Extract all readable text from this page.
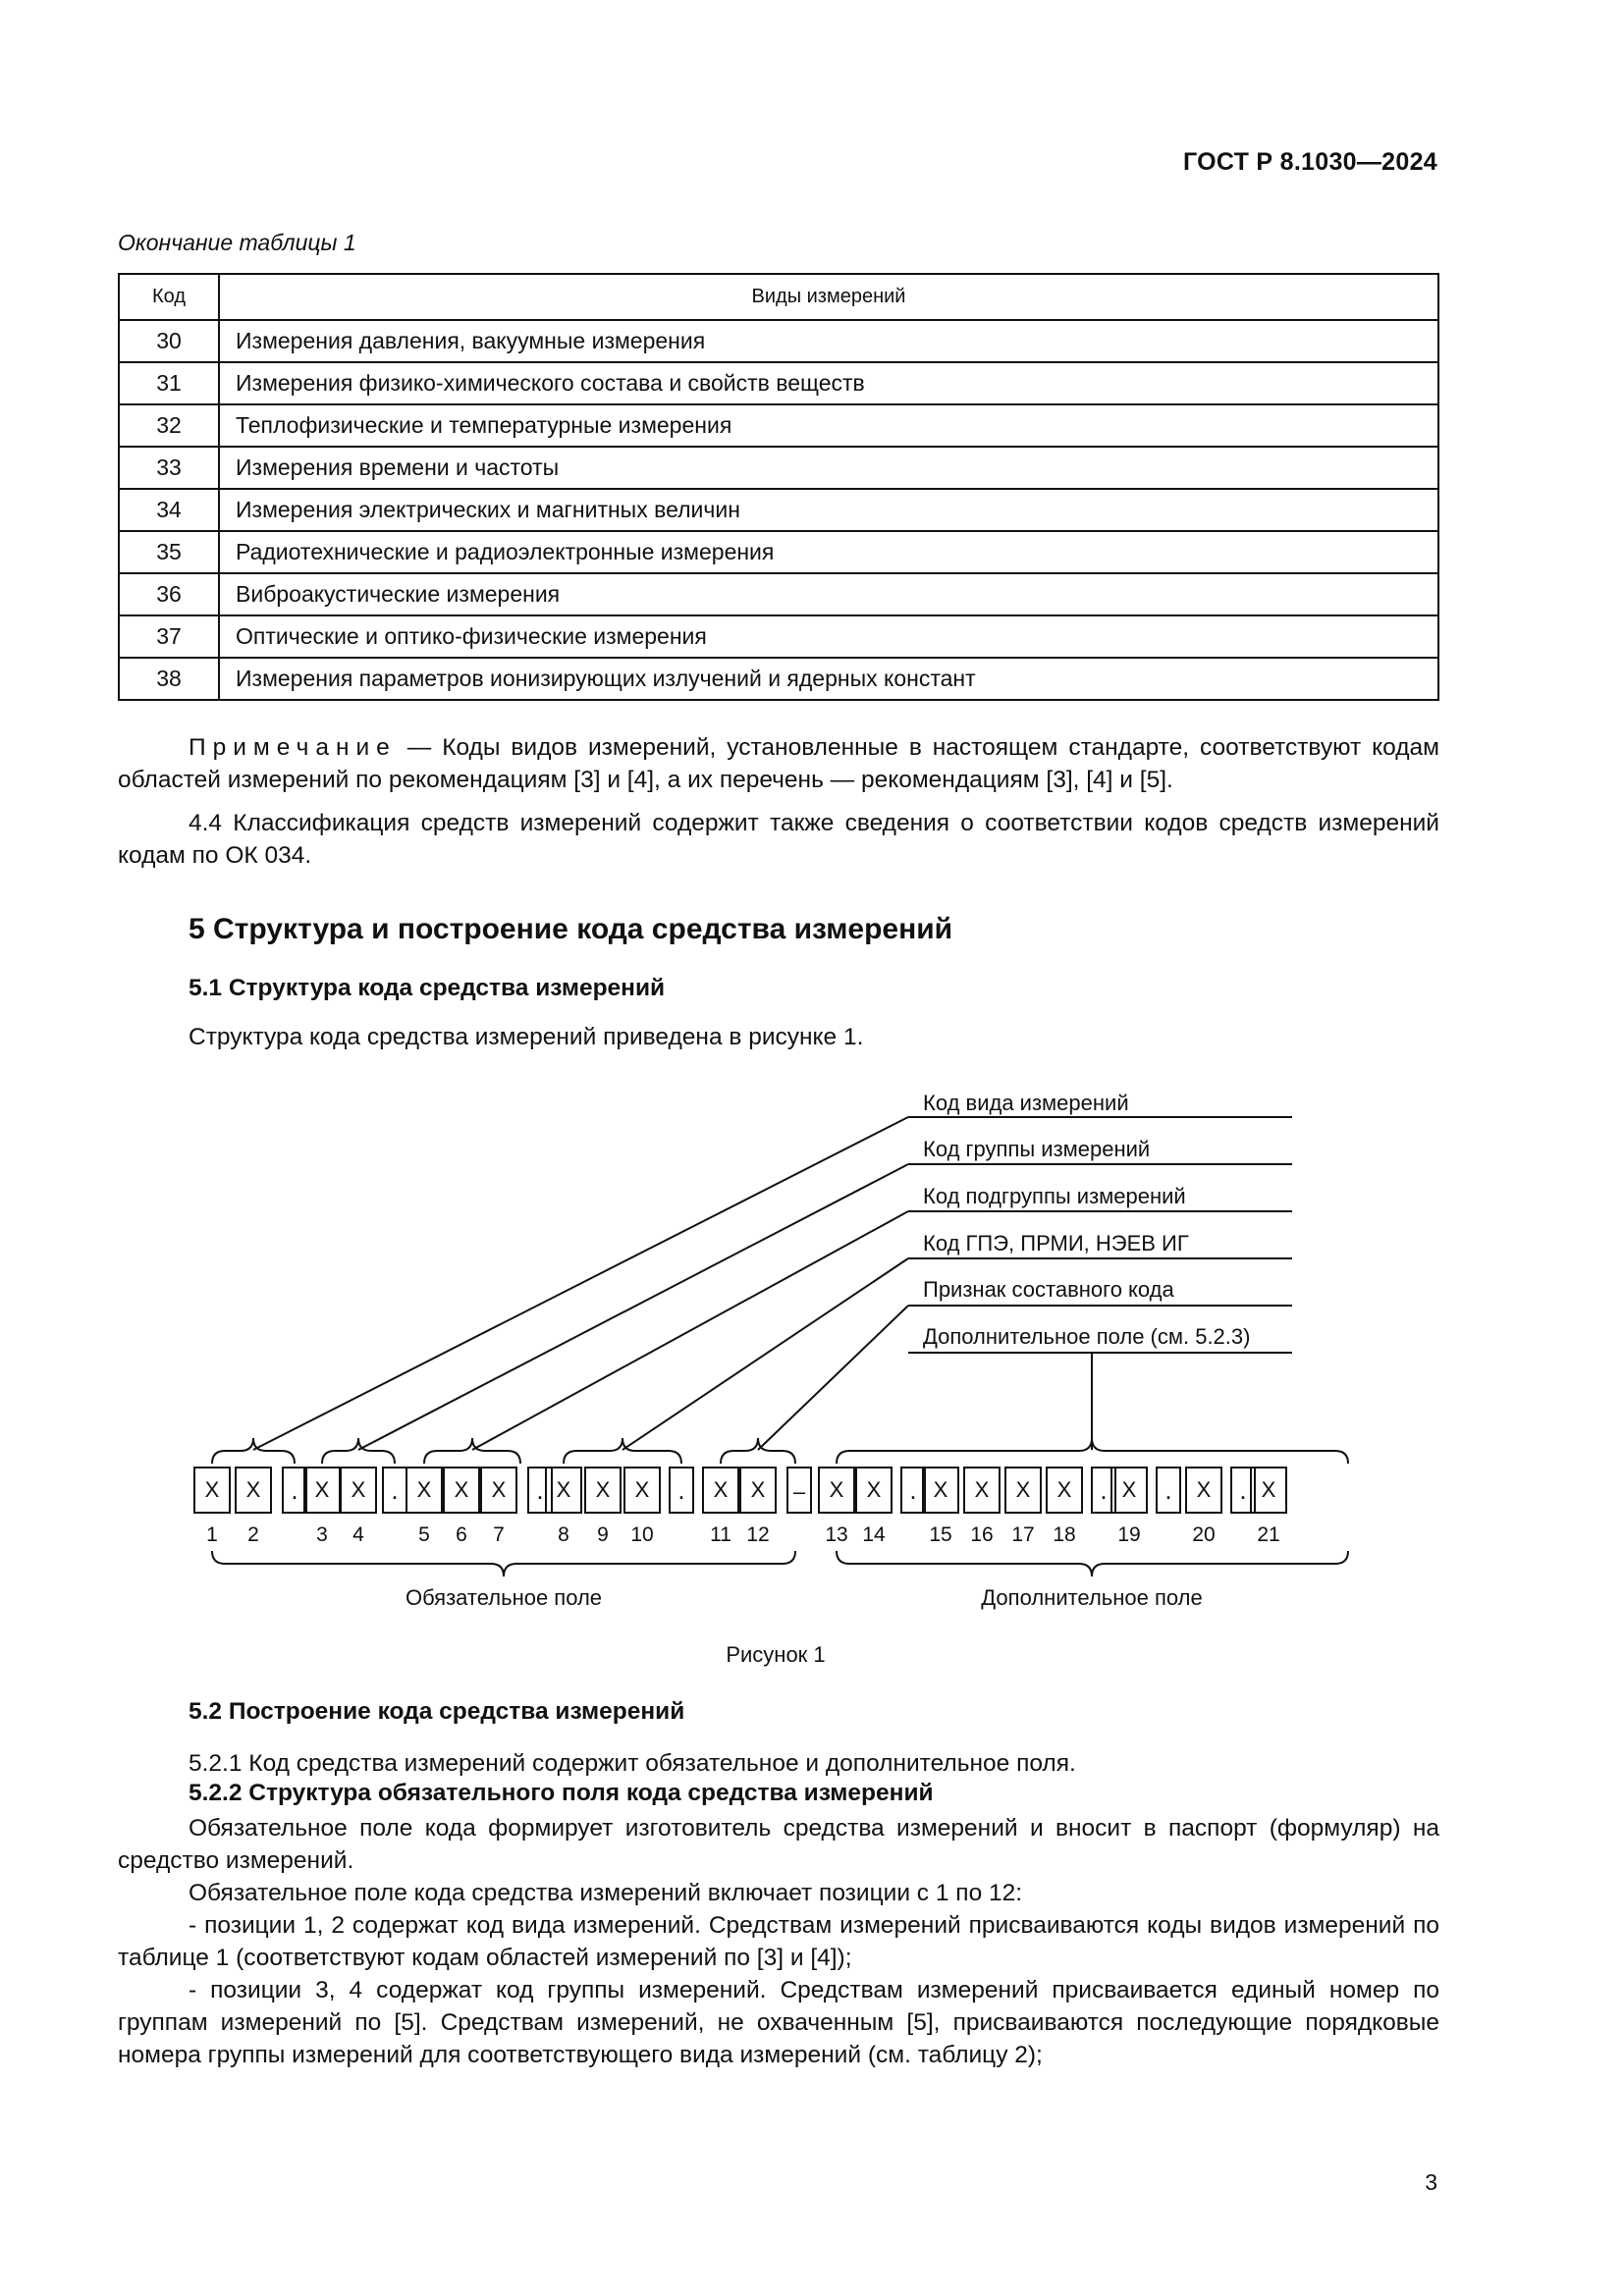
ГОСТ Р 8.1030—2024
Окончание таблицы 1
Код	Виды измерений
30	Измерения давления, вакуумные измерения
31	Измерения физико-химического состава и свойств веществ
32	Теплофизические и температурные измерения
33	Измерения времени и частоты
34	Измерения электрических и магнитных величин
35	Радиотехнические и радиоэлектронные измерения
36	Виброакустические измерения
37	Оптические и оптико-физические измерения
38	Измерения параметров ионизирующих излучений и ядерных констант
Примечание — Коды видов измерений, установленные в настоящем стандарте, соответствуют кодам областей измерений по рекомендациям [3] и [4], а их перечень — рекомендациям [3], [4] и [5].
4.4 Классификация средств измерений содержит также сведения о соответствии кодов средств измерений кодам по ОК 034.
5 Структура и построение кода средства измерений
5.1 Структура кода средства измерений
Структура кода средства измерений приведена в рисунке 1.
Код вида измерений
Код группы измерений
Код подгруппы измерений
Код ГПЭ, ПРМИ, НЭЕВ ИГ
Признак составного кода
Дополнительное поле (см. 5.2.3)
Х
1
Х
2
. Х
3
Х
4
. Х
5
Х
6
Х
7
. Х
8
Х
9
Х
10
. Х
11
Х
12
– Х
13
Х
14
. Х
15
Х
16
Х
17
Х
18
. Х
19
. Х
20
. Х
21
Обязательное поле	Дополнительное поле
Рисунок 1
5.2 Построение кода средства измерений
5.2.1 Код средства измерений содержит обязательное и дополнительное поля.
5.2.2 Структура обязательного поля кода средства измерений
Обязательное поле кода формирует изготовитель средства измерений и вносит в паспорт (формуляр) на средство измерений.
Обязательное поле кода средства измерений включает позиции с 1 по 12:
- позиции 1, 2 содержат код вида измерений. Средствам измерений присваиваются коды видов измерений по таблице 1 (соответствуют кодам областей измерений по [3] и [4]);
- позиции 3, 4 содержат код группы измерений. Средствам измерений присваивается единый номер по группам измерений по [5]. Средствам измерений, не охваченным [5], присваиваются последующие порядковые номера группы измерений для соответствующего вида измерений (см. таблицу 2);
3
